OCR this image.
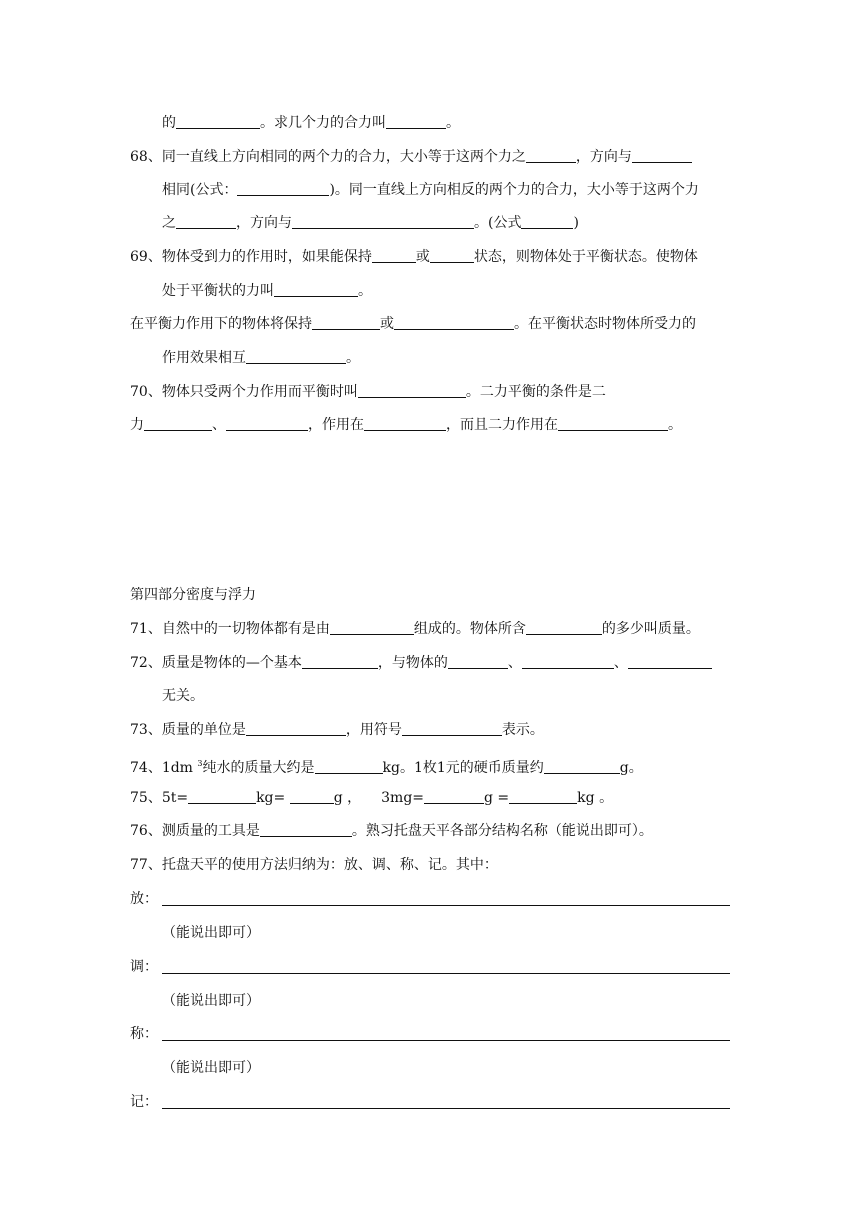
的	。求几个力的合力叫	。
68、同一直线上方向相同的两个力的合力，大小等于这两个力之	，方向与
相同(公式：	)。同一直线上方向相反的两个力的合力，大小等于这两个力
之	，方向与	。(公式	)
69、物体受到力的作用时，如果能保持	或	状态，则物体处于平衡状态。使物体
处于平衡状的力叫	。
在平衡力作用下的物体将保持	或	。在平衡状态时物体所受力的
作用效果相互	。
70、物体只受两个力作用而平衡时叫	。二力平衡的条件是二
力	、	，作用在	，而且二力作用在	。
第四部分密度与浮力
71、自然中的一切物体都有是由	组成的。物体所含	的多少叫质量。
72、质量是物体的—个基本	，与物体的	、	、
无关。
73、质量的单位是	，用符号	表示。
74、1dm $^3$纯水的质量大约是	kg。1枚1元的硬币质量约	g。
75、5t=	kg=	g ， 3mg=	g =	kg 。
76、测质量的工具是	。熟习托盘天平各部分结构名称（能说出即可）。
77、托盘天平的使用方法归纳为：放、调、称、记。其中：
放：
（能说出即可）
调：
（能说出即可）
称：
（能说出即可）
记：
